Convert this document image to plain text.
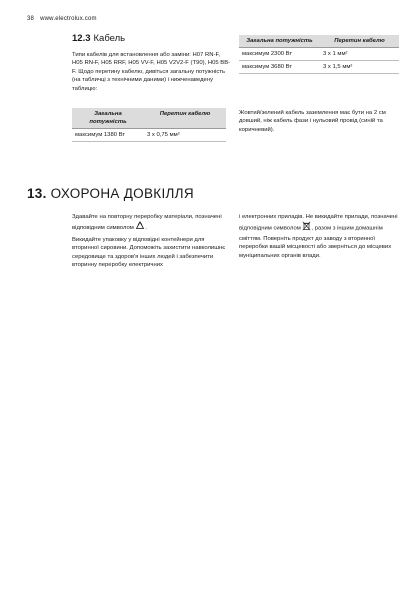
38 www.electrolux.com
12.3 Кабель
Типи кабелів для встановлення або заміни: H07 RN-F, H05 RN-F, H05 RRF, H05 VV-F, H05 V2V2-F (T90), H05 BB-F. Щодо перетину кабелю, дивіться загальну потужність (на табличці з технічними даними) і нижченаведену таблицю:
Загальна потужність	Перетин кабелю
максимум 1380 Вт	3 x 0,75 мм²
Загальна потужність	Перетин кабелю
максимум 2300 Вт	3 x 1 мм²
максимум 3680 Вт	3 x 1,5 мм²
Жовтий/зелений кабель заземлення має бути на 2 см довший, ніж кабель фази і нульовий провід (синій та коричневий).
13. ОХОРОНА ДОВКІЛЛЯ

Здавайте на повторну переробку матеріали, позначені відповідним символом .

Викидайте упаковку у відповідні контейнери для вторинної сировини. Допоможіть захистити навколишнє середовище та здоров'я інших людей і забезпечити вторинну переробку електричних

і електронних приладів. Не викидайте прилади, позначені відповідним символом , разом з іншим домашнім сміттям. Поверніть продукт до заводу з вторинної переробки вашій місцевості або зверніться до місцевих муніципальних органів влади.
